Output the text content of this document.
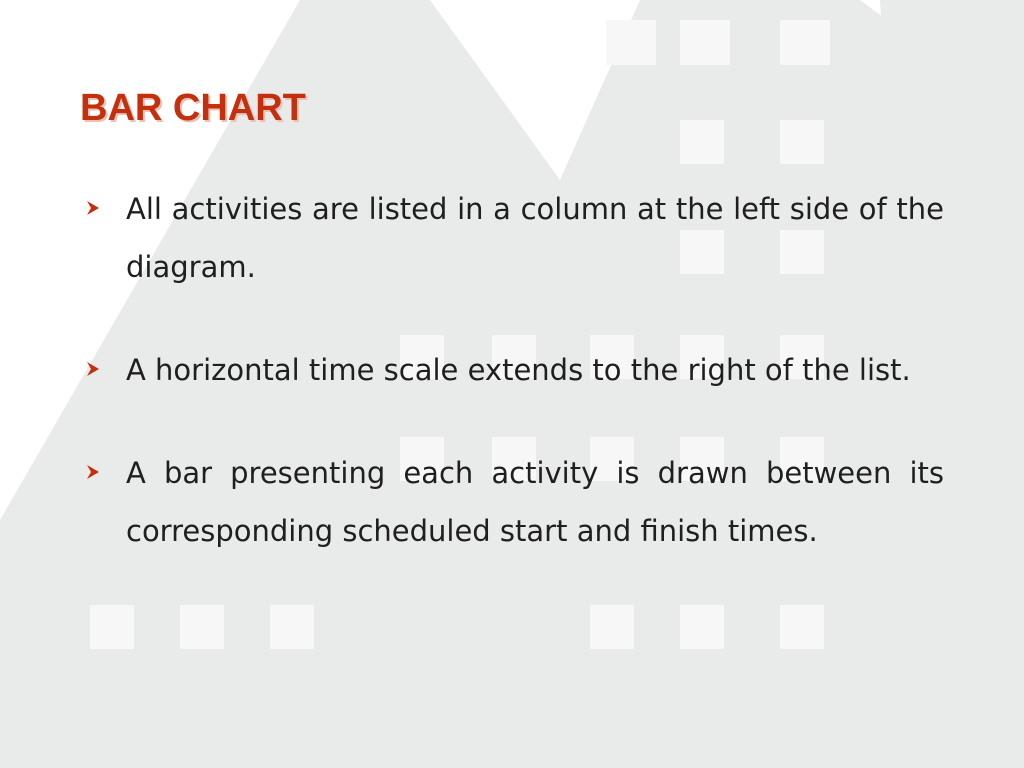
BAR CHART
All activities are listed in a column at the left side of the diagram.
A horizontal time scale extends to the right of the list.
A bar presenting each activity is drawn between its corresponding scheduled start and finish times.
